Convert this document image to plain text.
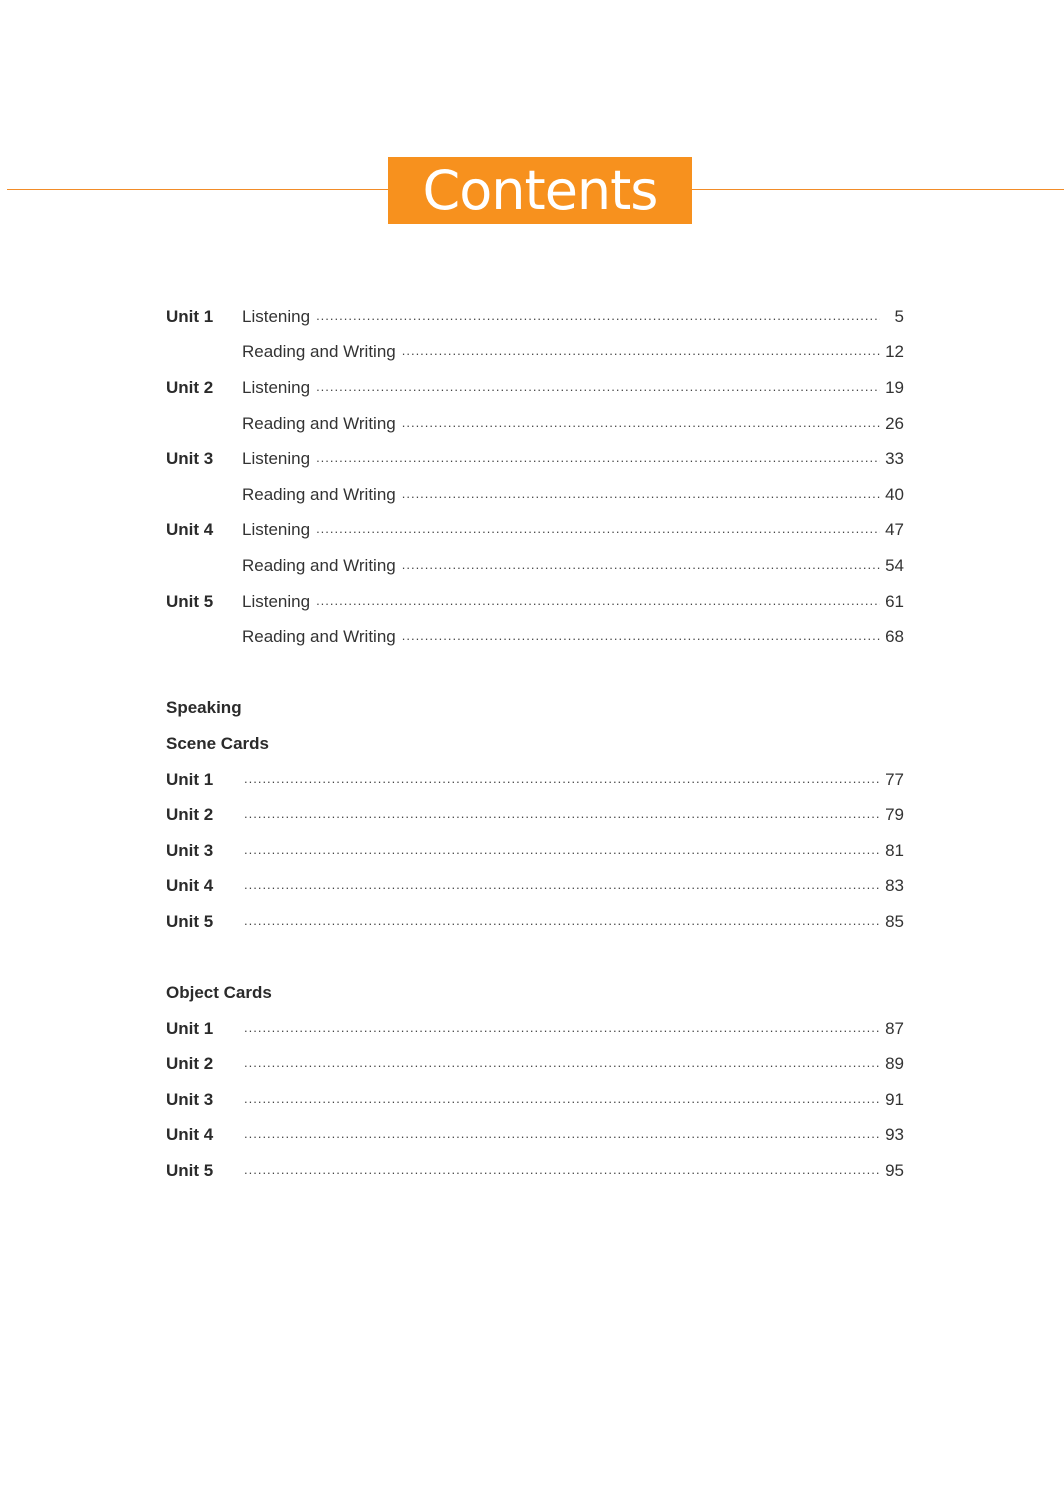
Contents
Unit 1 Listening .....	5
Reading and Writing .....	12
Unit 2 Listening .....	19
Reading and Writing .....	26
Unit 3 Listening .....	33
Reading and Writing .....	40
Unit 4 Listening .....	47
Reading and Writing .....	54
Unit 5 Listening .....	61
Reading and Writing .....	68
Speaking
Scene Cards
Unit 1 .....	77
Unit 2 .....	79
Unit 3 .....	81
Unit 4 .....	83
Unit 5 .....	85
Object Cards
Unit 1 .....	87
Unit 2 .....	89
Unit 3 .....	91
Unit 4 .....	93
Unit 5 .....	95
